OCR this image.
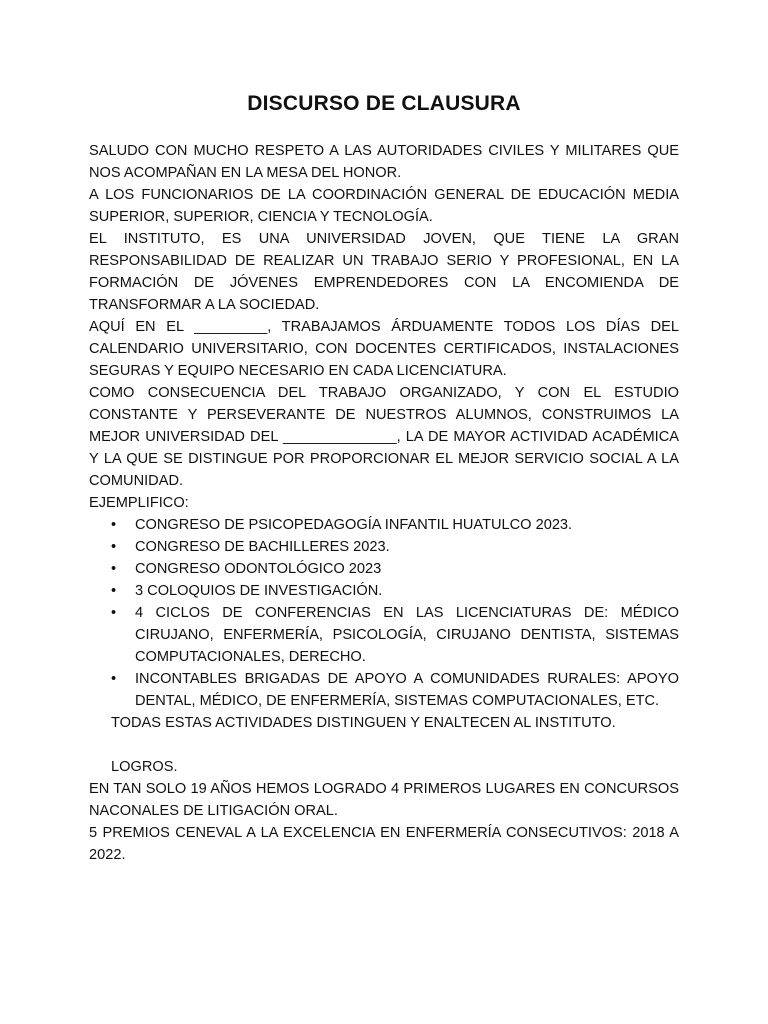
DISCURSO DE CLAUSURA

SALUDO CON MUCHO RESPETO A LAS AUTORIDADES CIVILES Y MILITARES QUE NOS ACOMPAÑAN EN LA MESA DEL HONOR.

A LOS FUNCIONARIOS DE LA COORDINACIÓN GENERAL DE EDUCACIÓN MEDIA SUPERIOR, SUPERIOR, CIENCIA Y TECNOLOGÍA.

EL INSTITUTO, ES UNA UNIVERSIDAD JOVEN, QUE TIENE LA GRAN RESPONSABILIDAD DE REALIZAR UN TRABAJO SERIO Y PROFESIONAL, EN LA FORMACIÓN DE JÓVENES EMPRENDEDORES CON LA ENCOMIENDA DE TRANSFORMAR A LA SOCIEDAD.

AQUÍ EN EL _________, TRABAJAMOS ÁRDUAMENTE TODOS LOS DÍAS DEL CALENDARIO UNIVERSITARIO, CON DOCENTES CERTIFICADOS, INSTALACIONES SEGURAS Y EQUIPO NECESARIO EN CADA LICENCIATURA.

COMO CONSECUENCIA DEL TRABAJO ORGANIZADO, Y CON EL ESTUDIO CONSTANTE Y PERSEVERANTE DE NUESTROS ALUMNOS, CONSTRUIMOS LA MEJOR UNIVERSIDAD DEL ______________, LA DE MAYOR ACTIVIDAD ACADÉMICA Y LA QUE SE DISTINGUE POR PROPORCIONAR EL MEJOR SERVICIO SOCIAL A LA COMUNIDAD.

EJEMPLIFICO:

•	CONGRESO DE PSICOPEDAGOGÍA INFANTIL HUATULCO 2023.
•	CONGRESO DE BACHILLERES 2023.
•	CONGRESO ODONTOLÓGICO 2023
•	3 COLOQUIOS DE INVESTIGACIÓN.
•	4 CICLOS DE CONFERENCIAS EN LAS LICENCIATURAS DE: MÉDICO CIRUJANO, ENFERMERÍA, PSICOLOGÍA, CIRUJANO DENTISTA, SISTEMAS COMPUTACIONALES, DERECHO.
•	INCONTABLES BRIGADAS DE APOYO A COMUNIDADES RURALES: APOYO DENTAL, MÉDICO, DE ENFERMERÍA, SISTEMAS COMPUTACIONALES, ETC.

TODAS ESTAS ACTIVIDADES DISTINGUEN Y ENALTECEN AL INSTITUTO.

LOGROS.

EN TAN SOLO 19 AÑOS HEMOS LOGRADO 4 PRIMEROS LUGARES EN CONCURSOS NACONALES DE LITIGACIÓN ORAL.

5 PREMIOS CENEVAL A LA EXCELENCIA EN ENFERMERÍA CONSECUTIVOS: 2018 A 2022.
